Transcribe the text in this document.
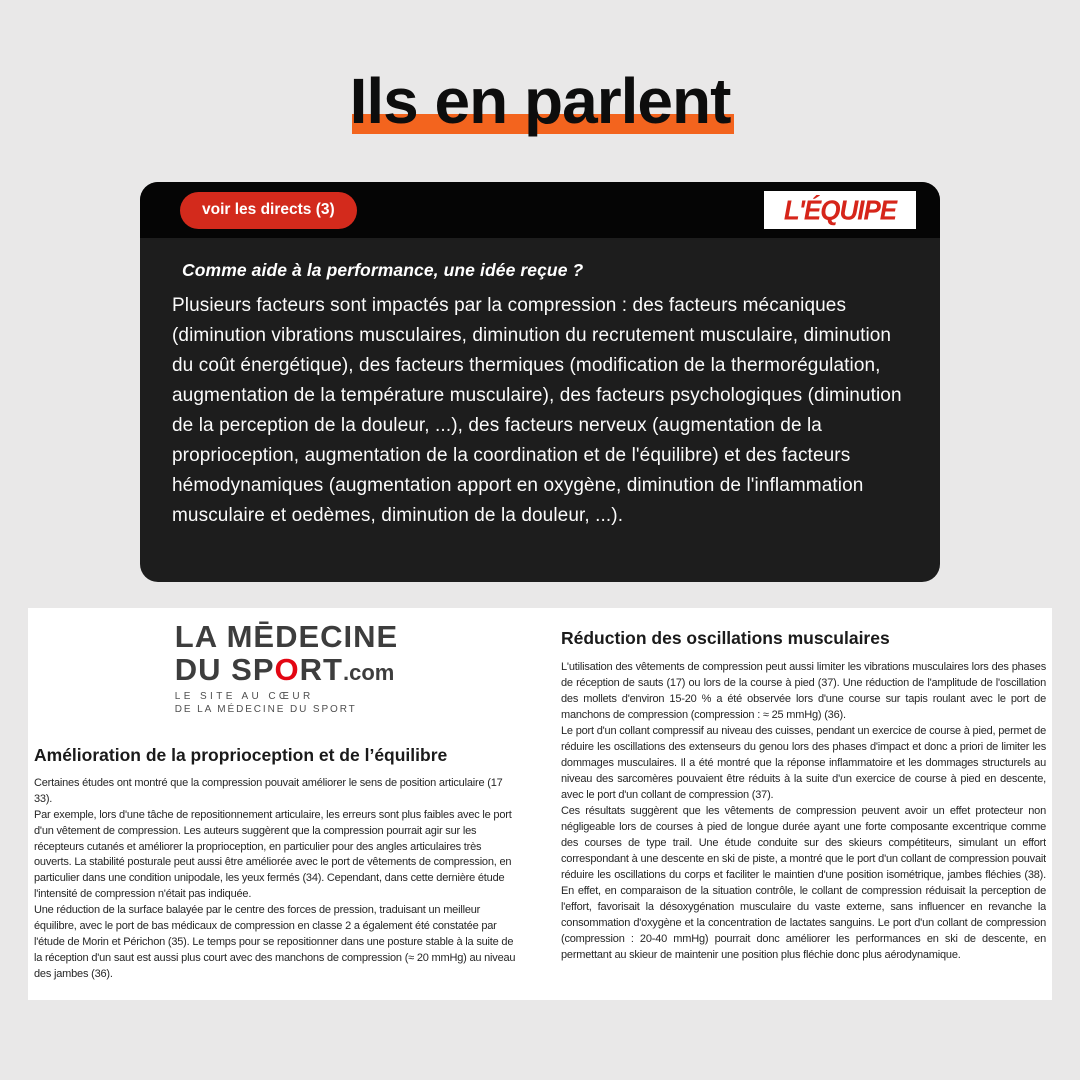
Ils en parlent
voir les directs (3)	L'ÉQUIPE
Comme aide à la performance, une idée reçue ?
Plusieurs facteurs sont impactés par la compression : des facteurs mécaniques (diminution vibrations musculaires, diminution du recrutement musculaire, diminution du coût énergétique), des facteurs thermiques (modification de la thermorégulation, augmentation de la température musculaire), des facteurs psychologiques (diminution de la perception de la douleur, ...), des facteurs nerveux (augmentation de la proprioception, augmentation de la coordination et de l'équilibre) et des facteurs hémodynamiques (augmentation apport en oxygène, diminution de l'inflammation musculaire et oedèmes, diminution de la douleur, ...).
LA MĒDECINE
DU SPORT.com
LE SITE AU CŒUR
DE LA MÉDECINE DU SPORT
Amélioration de la proprioception et de l’équilibre
Certaines études ont montré que la compression pouvait améliorer le sens de position articulaire (17
33).
Par exemple, lors d'une tâche de repositionnement articulaire, les erreurs sont plus faibles avec le port
d'un vêtement de compression. Les auteurs suggèrent que la compression pourrait agir sur les
récepteurs cutanés et améliorer la proprioception, en particulier pour des angles articulaires très
ouverts. La stabilité posturale peut aussi être améliorée avec le port de vêtements de compression, en
particulier dans une condition unipodale, les yeux fermés (34). Cependant, dans cette dernière étude
l'intensité de compression n'était pas indiquée.
Une réduction de la surface balayée par le centre des forces de pression, traduisant un meilleur
équilibre, avec le port de bas médicaux de compression en classe 2 a également été constatée par
l'étude de Morin et Périchon (35). Le temps pour se repositionner dans une posture stable à la suite de
la réception d'un saut est aussi plus court avec des manchons de compression (≈ 20 mmHg) au niveau
des jambes (36).
Réduction des oscillations musculaires

L'utilisation des vêtements de compression peut aussi limiter les vibrations musculaires lors des phases de réception de sauts (17) ou lors de la course à pied (37). Une réduction de l'amplitude de l'oscillation des mollets d'environ 15-20 % a été observée lors d'une course sur tapis roulant avec le port de manchons de compression (compression : ≈ 25 mmHg) (36).

Le port d'un collant compressif au niveau des cuisses, pendant un exercice de course à pied, permet de réduire les oscillations des extenseurs du genou lors des phases d'impact et donc a priori de limiter les dommages musculaires. Il a été montré que la réponse inflammatoire et les dommages structurels au niveau des sarcomères pouvaient être réduits à la suite d'un exercice de course à pied en descente, avec le port d'un collant de compression (37).

Ces résultats suggèrent que les vêtements de compression peuvent avoir un effet protecteur non négligeable lors de courses à pied de longue durée ayant une forte composante excentrique comme des courses de type trail. Une étude conduite sur des skieurs compétiteurs, simulant un effort correspondant à une descente en ski de piste, a montré que le port d'un collant de compression pouvait réduire les oscillations du corps et faciliter le maintien d'une position isométrique, jambes fléchies (38). En effet, en comparaison de la situation contrôle, le collant de compression réduisait la perception de l'effort, favorisait la désoxygénation musculaire du vaste externe, sans influencer en revanche la consommation d'oxygène et la concentration de lactates sanguins. Le port d'un collant de compression (compression : 20-40 mmHg) pourrait donc améliorer les performances en ski de descente, en permettant au skieur de maintenir une position plus fléchie donc plus aérodynamique.
